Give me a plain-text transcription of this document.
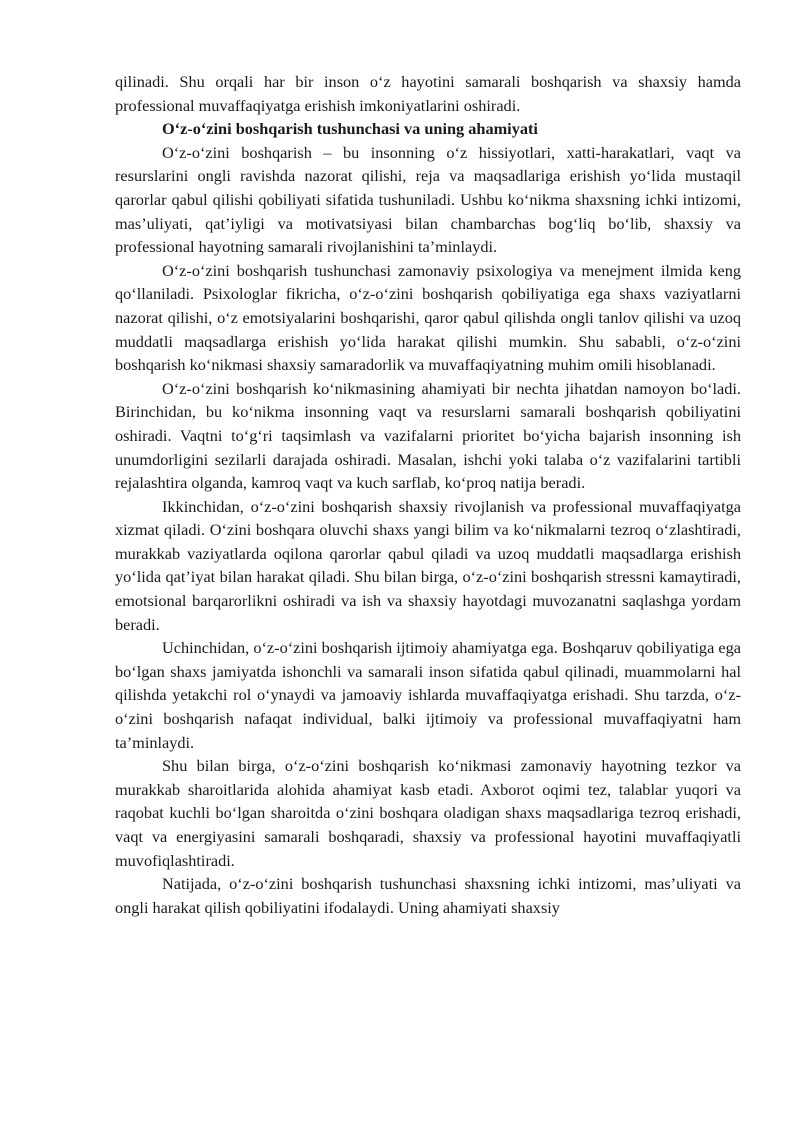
qilinadi. Shu orqali har bir inson o‘z hayotini samarali boshqarish va shaxsiy hamda professional muvaffaqiyatga erishish imkoniyatlarini oshiradi.

O‘z-o‘zini boshqarish tushunchasi va uning ahamiyati

O‘z-o‘zini boshqarish – bu insonning o‘z hissiyotlari, xatti-harakatlari, vaqt va resurslarini ongli ravishda nazorat qilishi, reja va maqsadlariga erishish yo‘lida mustaqil qarorlar qabul qilishi qobiliyati sifatida tushuniladi. Ushbu ko‘nikma shaxsning ichki intizomi, mas’uliyati, qat’iyligi va motivatsiyasi bilan chambarchas bog‘liq bo‘lib, shaxsiy va professional hayotning samarali rivojlanishini ta’minlaydi.

O‘z-o‘zini boshqarish tushunchasi zamonaviy psixologiya va menejment ilmida keng qo‘llaniladi. Psixologlar fikricha, o‘z-o‘zini boshqarish qobiliyatiga ega shaxs vaziyatlarni nazorat qilishi, o‘z emotsiyalarini boshqarishi, qaror qabul qilishda ongli tanlov qilishi va uzoq muddatli maqsadlarga erishish yo‘lida harakat qilishi mumkin. Shu sababli, o‘z-o‘zini boshqarish ko‘nikmasi shaxsiy samaradorlik va muvaffaqiyatning muhim omili hisoblanadi.

O‘z-o‘zini boshqarish ko‘nikmasining ahamiyati bir nechta jihatdan namoyon bo‘ladi. Birinchidan, bu ko‘nikma insonning vaqt va resurslarni samarali boshqarish qobiliyatini oshiradi. Vaqtni to‘g‘ri taqsimlash va vazifalarni prioritet bo‘yicha bajarish insonning ish unumdorligini sezilarli darajada oshiradi. Masalan, ishchi yoki talaba o‘z vazifalarini tartibli rejalashtira olganda, kamroq vaqt va kuch sarflab, ko‘proq natija beradi.

Ikkinchidan, o‘z-o‘zini boshqarish shaxsiy rivojlanish va professional muvaffaqiyatga xizmat qiladi. O‘zini boshqara oluvchi shaxs yangi bilim va ko‘nikmalarni tezroq o‘zlashtiradi, murakkab vaziyatlarda oqilona qarorlar qabul qiladi va uzoq muddatli maqsadlarga erishish yo‘lida qat’iyat bilan harakat qiladi. Shu bilan birga, o‘z-o‘zini boshqarish stressni kamaytiradi, emotsional barqarorlikni oshiradi va ish va shaxsiy hayotdagi muvozanatni saqlashga yordam beradi.

Uchinchidan, o‘z-o‘zini boshqarish ijtimoiy ahamiyatga ega. Boshqaruv qobiliyatiga ega bo‘lgan shaxs jamiyatda ishonchli va samarali inson sifatida qabul qilinadi, muammolarni hal qilishda yetakchi rol o‘ynaydi va jamoaviy ishlarda muvaffaqiyatga erishadi. Shu tarzda, o‘z-o‘zini boshqarish nafaqat individual, balki ijtimoiy va professional muvaffaqiyatni ham ta’minlaydi.

Shu bilan birga, o‘z-o‘zini boshqarish ko‘nikmasi zamonaviy hayotning tezkor va murakkab sharoitlarida alohida ahamiyat kasb etadi. Axborot oqimi tez, talablar yuqori va raqobat kuchli bo‘lgan sharoitda o‘zini boshqara oladigan shaxs maqsadlariga tezroq erishadi, vaqt va energiyasini samarali boshqaradi, shaxsiy va professional hayotini muvaffaqiyatli muvofiqlashtiradi.

Natijada, o‘z-o‘zini boshqarish tushunchasi shaxsning ichki intizomi, mas’uliyati va ongli harakat qilish qobiliyatini ifodalaydi. Uning ahamiyati shaxsiy
